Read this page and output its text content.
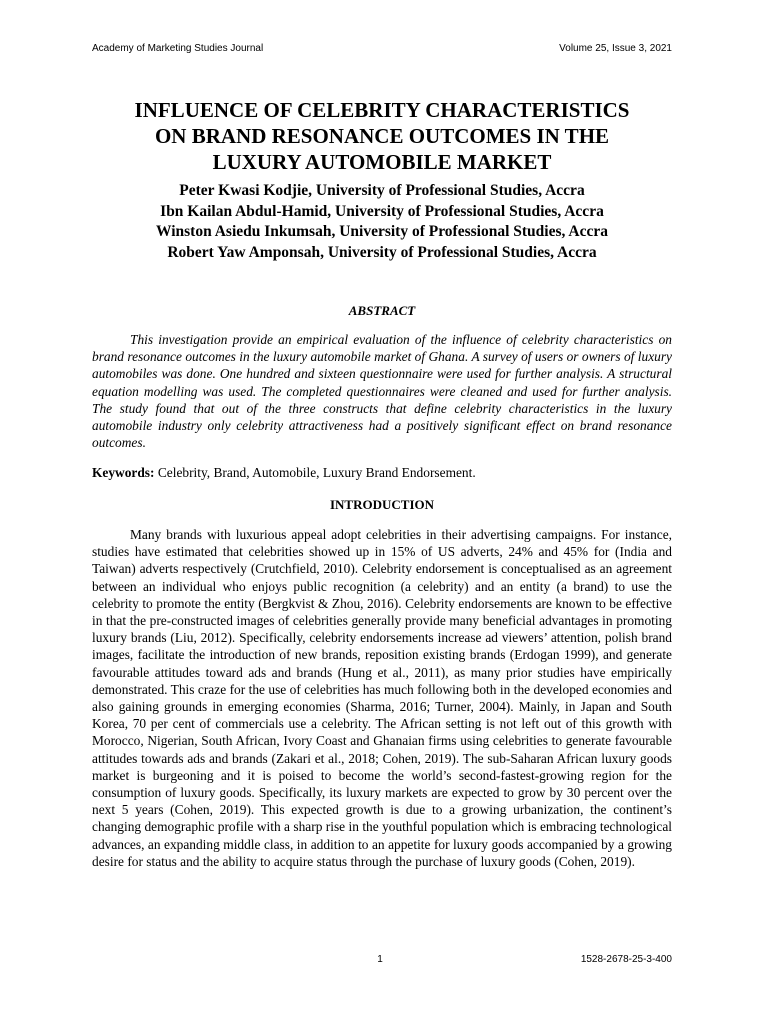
Academy of Marketing Studies Journal	Volume 25, Issue 3, 2021
INFLUENCE OF CELEBRITY CHARACTERISTICS
ON BRAND RESONANCE OUTCOMES IN THE
LUXURY AUTOMOBILE MARKET
Peter Kwasi Kodjie, University of Professional Studies, Accra
Ibn Kailan Abdul-Hamid, University of Professional Studies, Accra
Winston Asiedu Inkumsah, University of Professional Studies, Accra
Robert Yaw Amponsah, University of Professional Studies, Accra
ABSTRACT

This investigation provide an empirical evaluation of the influence of celebrity characteristics on brand resonance outcomes in the luxury automobile market of Ghana. A survey of users or owners of luxury automobiles was done. One hundred and sixteen questionnaire were used for further analysis. A structural equation modelling was used. The completed questionnaires were cleaned and used for further analysis. The study found that out of the three constructs that define celebrity characteristics in the luxury automobile industry only celebrity attractiveness had a positively significant effect on brand resonance outcomes.

Keywords: Celebrity, Brand, Automobile, Luxury Brand Endorsement.

INTRODUCTION

Many brands with luxurious appeal adopt celebrities in their advertising campaigns. For instance, studies have estimated that celebrities showed up in 15% of US adverts, 24% and 45% for (India and Taiwan) adverts respectively (Crutchfield, 2010). Celebrity endorsement is conceptualised as an agreement between an individual who enjoys public recognition (a celebrity) and an entity (a brand) to use the celebrity to promote the entity (Bergkvist & Zhou, 2016). Celebrity endorsements are known to be effective in that the pre-constructed images of celebrities generally provide many beneficial advantages in promoting luxury brands (Liu, 2012). Specifically, celebrity endorsements increase ad viewers’ attention, polish brand images, facilitate the introduction of new brands, reposition existing brands (Erdogan 1999), and generate favourable attitudes toward ads and brands (Hung et al., 2011), as many prior studies have empirically demonstrated. This craze for the use of celebrities has much following both in the developed economies and also gaining grounds in emerging economies (Sharma, 2016; Turner, 2004). Mainly, in Japan and South Korea, 70 per cent of commercials use a celebrity. The African setting is not left out of this growth with Morocco, Nigerian, South African, Ivory Coast and Ghanaian firms using celebrities to generate favourable attitudes towards ads and brands (Zakari et al., 2018; Cohen, 2019). The sub-Saharan African luxury goods market is burgeoning and it is poised to become the world’s second-fastest-growing region for the consumption of luxury goods. Specifically, its luxury markets are expected to grow by 30 percent over the next 5 years (Cohen, 2019). This expected growth is due to a growing urbanization, the continent’s changing demographic profile with a sharp rise in the youthful population which is embracing technological advances, an expanding middle class, in addition to an appetite for luxury goods accompanied by a growing desire for status and the ability to acquire status through the purchase of luxury goods (Cohen, 2019).

1	1528-2678-25-3-400
